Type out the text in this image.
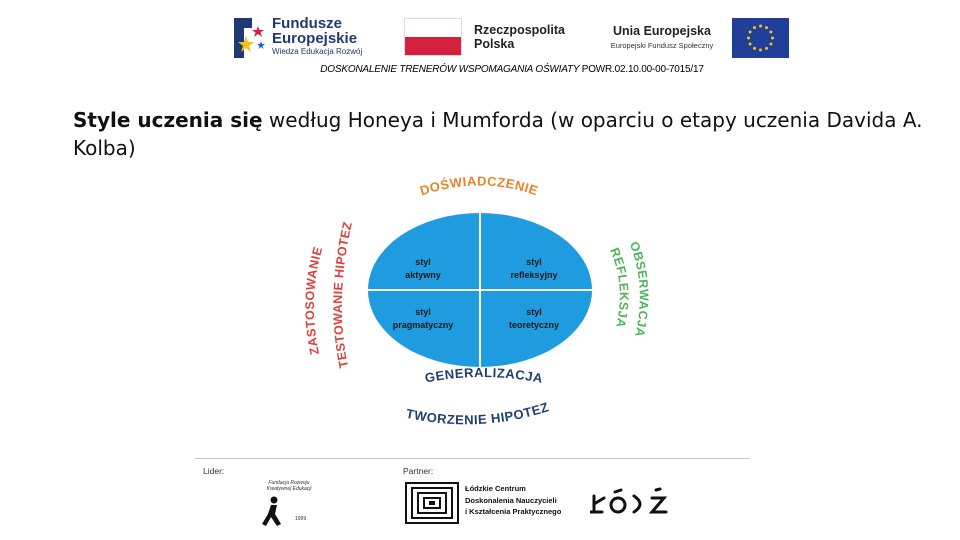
Fundusze
Europejskie
Wiedza Edukacja Rozwój
Rzeczpospolita
Polska
Unia Europejska
Europejski Fundusz Społeczny
DOSKONALENIE TRENERÓW WSPOMAGANIA OŚWIATY POWR.02.10.00-00-7015/17
Style uczenia się według Honeya i Mumforda (w oparciu o etapy uczenia Davida A. Kolba)
styl
aktywny
styl
refleksyjny
styl
pragmatyczny
styl
teoretyczny
DOŚWIADCZENIE
OBSERWACJA
REFLEKSJA
GENERALIZACJA
TWORZENIE HIPOTEZ
ZASTOSOWANIE
TESTOWANIE HIPOTEZ
Lider:	Partner:
Fundacja Rozwoju Kreatywnej Edukacji
1999
Łódzkie Centrum
Doskonalenia Nauczycieli
i Kształcenia Praktycznego
